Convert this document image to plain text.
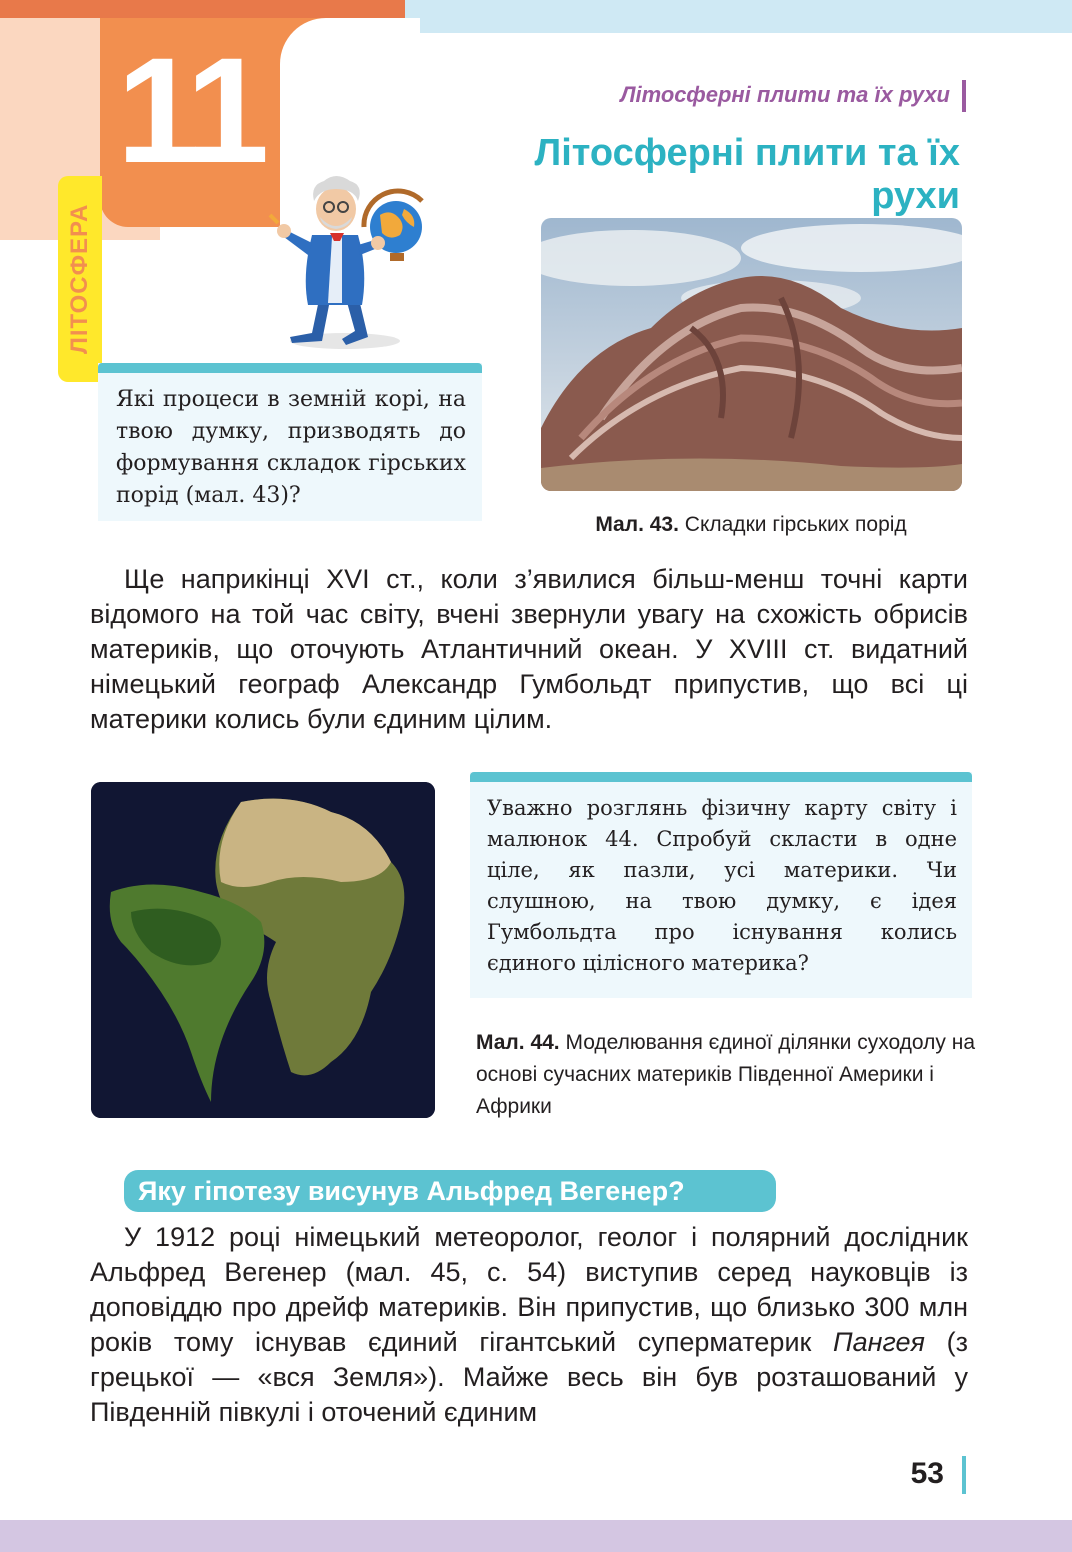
11
ЛІТОСФЕРА
Літосферні плити та їх рухи
Літосферні плити та їх рухи
Які процеси в земній корі, на твою думку, призводять до формування складок гірських порід (мал. 43)?
Мал. 43. Складки гірських порід
Ще наприкінці XVI ст., коли з’явилися більш-менш точні карти відомого на той час світу, вчені звернули увагу на схожість обрисів материків, що оточують Атлантичний океан. У XVIII ст. видатний німецький географ Александр Гумбольдт припустив, що всі ці материки колись були єдиним цілим.
Уважно розглянь фізичну карту світу і малюнок 44. Спробуй скласти в одне ціле, як пазли, усі материки. Чи слушною, на твою думку, є ідея Гумбольдта про існування колись єдиного цілісного материка?
Мал. 44. Моделювання єдиної ділянки суходолу на основі сучасних материків Південної Америки і Африки
Яку гіпотезу висунув Альфред Вегенер?
У 1912 році німецький метеоролог, геолог і полярний дослідник Альфред Вегенер (мал. 45, с. 54) виступив серед науковців із доповіддю про дрейф материків. Він припустив, що близько 300 млн років тому існував єдиний гігантський суперматерик Пангея (з грецької — «вся Земля»). Майже весь він був розташований у Південній півкулі і оточений єдиним
53
